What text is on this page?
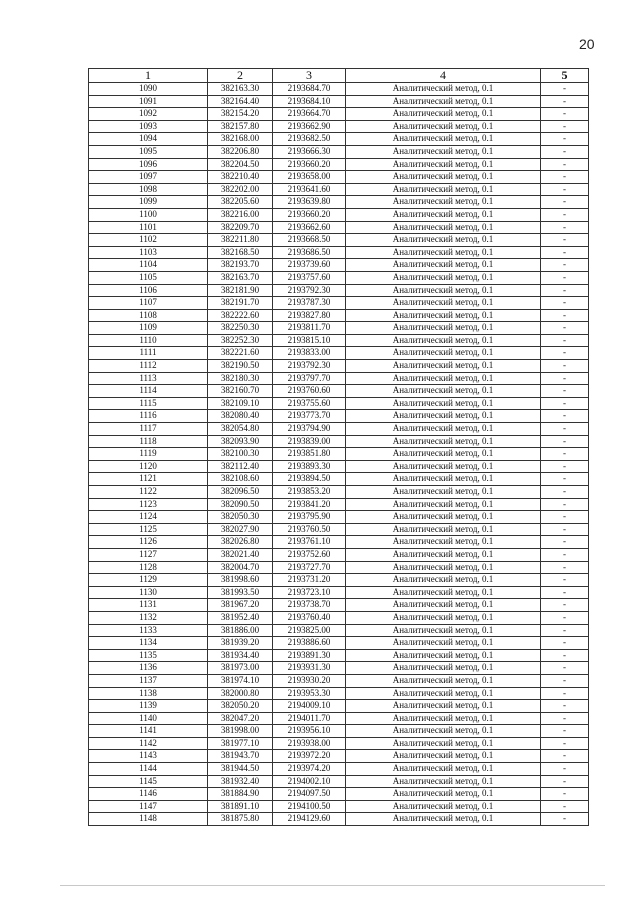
20
1	2	3	4	5
1090	382163.30	2193684.70	Аналитический метод, 0.1	-
1091	382164.40	2193684.10	Аналитический метод, 0.1	-
1092	382154.20	2193664.70	Аналитический метод, 0.1	-
1093	382157.80	2193662.90	Аналитический метод, 0.1	-
1094	382168.00	2193682.50	Аналитический метод, 0.1	-
1095	382206.80	2193666.30	Аналитический метод, 0.1	-
1096	382204.50	2193660.20	Аналитический метод, 0.1	-
1097	382210.40	2193658.00	Аналитический метод, 0.1	-
1098	382202.00	2193641.60	Аналитический метод, 0.1	-
1099	382205.60	2193639.80	Аналитический метод, 0.1	-
1100	382216.00	2193660.20	Аналитический метод, 0.1	-
1101	382209.70	2193662.60	Аналитический метод, 0.1	-
1102	382211.80	2193668.50	Аналитический метод, 0.1	-
1103	382168.50	2193686.50	Аналитический метод, 0.1	-
1104	382193.70	2193739.60	Аналитический метод, 0.1	-
1105	382163.70	2193757.60	Аналитический метод, 0.1	-
1106	382181.90	2193792.30	Аналитический метод, 0.1	-
1107	382191.70	2193787.30	Аналитический метод, 0.1	-
1108	382222.60	2193827.80	Аналитический метод, 0.1	-
1109	382250.30	2193811.70	Аналитический метод, 0.1	-
1110	382252.30	2193815.10	Аналитический метод, 0.1	-
1111	382221.60	2193833.00	Аналитический метод, 0.1	-
1112	382190.50	2193792.30	Аналитический метод, 0.1	-
1113	382180.30	2193797.70	Аналитический метод, 0.1	-
1114	382160.70	2193760.60	Аналитический метод, 0.1	-
1115	382109.10	2193755.60	Аналитический метод, 0.1	-
1116	382080.40	2193773.70	Аналитический метод, 0.1	-
1117	382054.80	2193794.90	Аналитический метод, 0.1	-
1118	382093.90	2193839.00	Аналитический метод, 0.1	-
1119	382100.30	2193851.80	Аналитический метод, 0.1	-
1120	382112.40	2193893.30	Аналитический метод, 0.1	-
1121	382108.60	2193894.50	Аналитический метод, 0.1	-
1122	382096.50	2193853.20	Аналитический метод, 0.1	-
1123	382090.50	2193841.20	Аналитический метод, 0.1	-
1124	382050.30	2193795.90	Аналитический метод, 0.1	-
1125	382027.90	2193760.50	Аналитический метод, 0.1	-
1126	382026.80	2193761.10	Аналитический метод, 0.1	-
1127	382021.40	2193752.60	Аналитический метод, 0.1	-
1128	382004.70	2193727.70	Аналитический метод, 0.1	-
1129	381998.60	2193731.20	Аналитический метод, 0.1	-
1130	381993.50	2193723.10	Аналитический метод, 0.1	-
1131	381967.20	2193738.70	Аналитический метод, 0.1	-
1132	381952.40	2193760.40	Аналитический метод, 0.1	-
1133	381886.00	2193825.00	Аналитический метод, 0.1	-
1134	381939.20	2193886.60	Аналитический метод, 0.1	-
1135	381934.40	2193891.30	Аналитический метод, 0.1	-
1136	381973.00	2193931.30	Аналитический метод, 0.1	-
1137	381974.10	2193930.20	Аналитический метод, 0.1	-
1138	382000.80	2193953.30	Аналитический метод, 0.1	-
1139	382050.20	2194009.10	Аналитический метод, 0.1	-
1140	382047.20	2194011.70	Аналитический метод, 0.1	-
1141	381998.00	2193956.10	Аналитический метод, 0.1	-
1142	381977.10	2193938.00	Аналитический метод, 0.1	-
1143	381943.70	2193972.20	Аналитический метод, 0.1	-
1144	381944.50	2193974.20	Аналитический метод, 0.1	-
1145	381932.40	2194002.10	Аналитический метод, 0.1	-
1146	381884.90	2194097.50	Аналитический метод, 0.1	-
1147	381891.10	2194100.50	Аналитический метод, 0.1	-
1148	381875.80	2194129.60	Аналитический метод, 0.1	-
